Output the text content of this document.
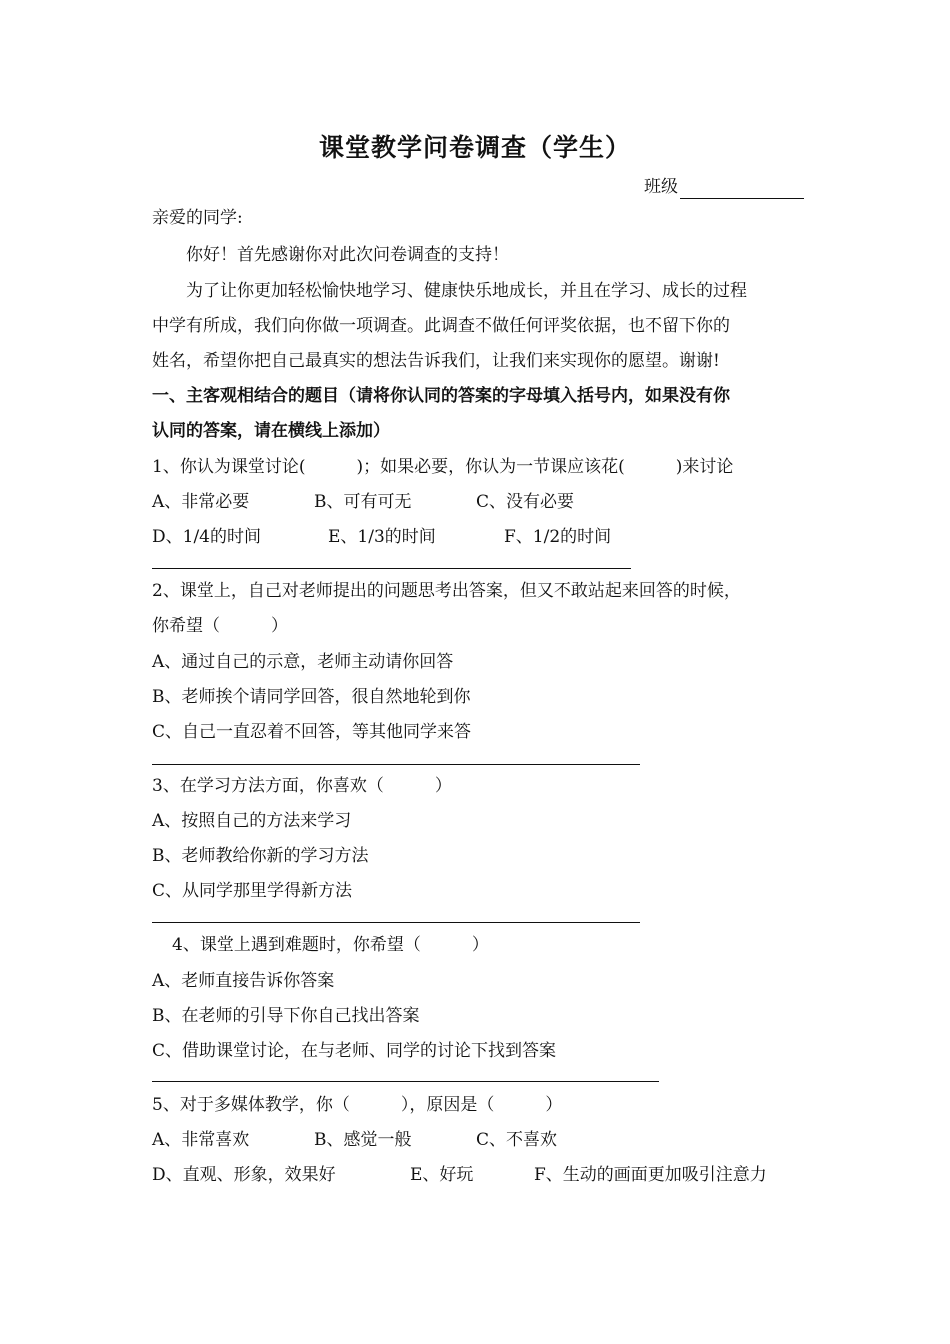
课堂教学问卷调查（学生）
班级
亲爱的同学:
你好！首先感谢你对此次问卷调查的支持！
为了让你更加轻松愉快地学习、健康快乐地成长，并且在学习、成长的过程
中学有所成，我们向你做一项调查。此调查不做任何评奖依据，也不留下你的
姓名，希望你把自己最真实的想法告诉我们，让我们来实现你的愿望。谢谢!
一、主客观相结合的题目（请将你认同的答案的字母填入括号内，如果没有你
认同的答案，请在横线上添加）
1、你认为课堂讨论(　　　)；如果必要，你认为一节课应该花(　　　)来讨论
A、非常必要	B、可有可无	C、没有必要
D、1/4的时间	E、1/3的时间	F、1/2的时间
2、课堂上，自己对老师提出的问题思考出答案，但又不敢站起来回答的时候，
你希望（　　　）
A、通过自己的示意，老师主动请你回答
B、老师挨个请同学回答，很自然地轮到你
C、自己一直忍着不回答，等其他同学来答
3、在学习方法方面，你喜欢（　　　）
A、按照自己的方法来学习
B、老师教给你新的学习方法
C、从同学那里学得新方法
4、课堂上遇到难题时，你希望（　　　）
A、老师直接告诉你答案
B、在老师的引导下你自己找出答案
C、借助课堂讨论，在与老师、同学的讨论下找到答案
5、对于多媒体教学，你（　　　），原因是（　　　）
A、非常喜欢	B、感觉一般	C、不喜欢
D、直观、形象，效果好	E、好玩	F、生动的画面更加吸引注意力
